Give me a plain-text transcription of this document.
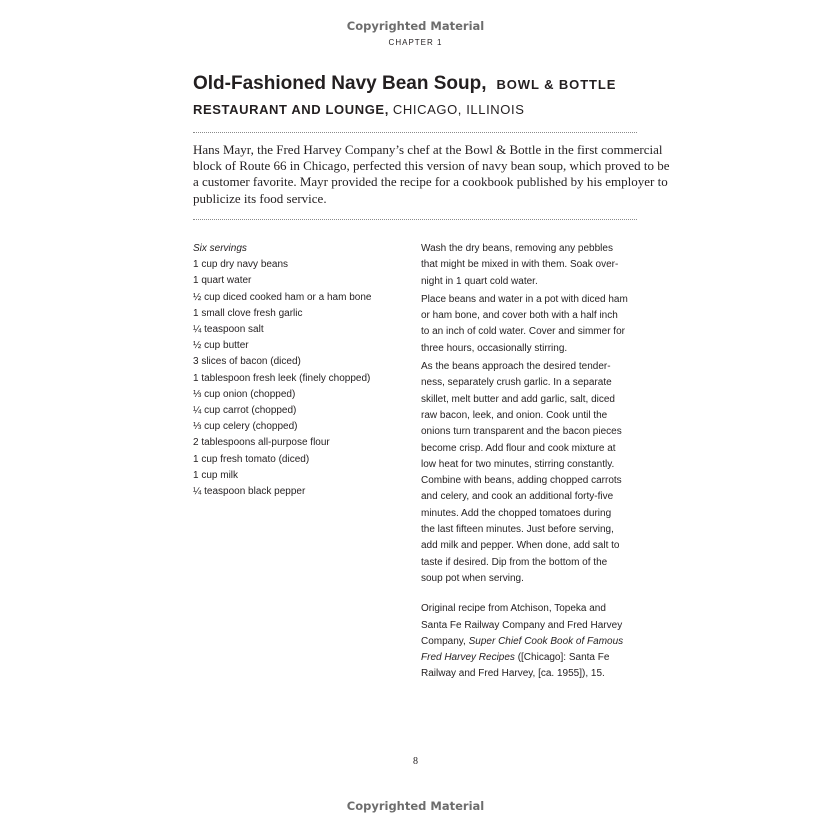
Copyrighted Material
CHAPTER 1
Old-Fashioned Navy Bean Soup, BOWL & BOTTLE
RESTAURANT AND LOUNGE, CHICAGO, ILLINOIS

Hans Mayr, the Fred Harvey Company’s chef at the Bowl & Bottle in the first commercial
block of Route 66 in Chicago, perfected this version of navy bean soup, which proved to be
a customer favorite. Mayr provided the recipe for a cookbook published by his employer to
publicize its food service.

Six servings
1 cup dry navy beans
1 quart water
½ cup diced cooked ham or a ham bone
1 small clove fresh garlic
¼ teaspoon salt
½ cup butter
3 slices of bacon (diced)
1 tablespoon fresh leek (finely chopped)
⅓ cup onion (chopped)
¼ cup carrot (chopped)
⅓ cup celery (chopped)
2 tablespoons all-purpose flour
1 cup fresh tomato (diced)
1 cup milk
¼ teaspoon black pepper
Wash the dry beans, removing any pebbles
that might be mixed in with them. Soak over-
night in 1 quart cold water.
Place beans and water in a pot with diced ham
or ham bone, and cover both with a half inch
to an inch of cold water. Cover and simmer for
three hours, occasionally stirring.
As the beans approach the desired tender-
ness, separately crush garlic. In a separate
skillet, melt butter and add garlic, salt, diced
raw bacon, leek, and onion. Cook until the
onions turn transparent and the bacon pieces
become crisp. Add flour and cook mixture at
low heat for two minutes, stirring constantly.
Combine with beans, adding chopped carrots
and celery, and cook an additional forty-five
minutes. Add the chopped tomatoes during
the last fifteen minutes. Just before serving,
add milk and pepper. When done, add salt to
taste if desired. Dip from the bottom of the
soup pot when serving.
Original recipe from Atchison, Topeka and
Santa Fe Railway Company and Fred Harvey
Company, Super Chief Cook Book of Famous
Fred Harvey Recipes ([Chicago]: Santa Fe
Railway and Fred Harvey, [ca. 1955]), 15.
8
Copyrighted Material
